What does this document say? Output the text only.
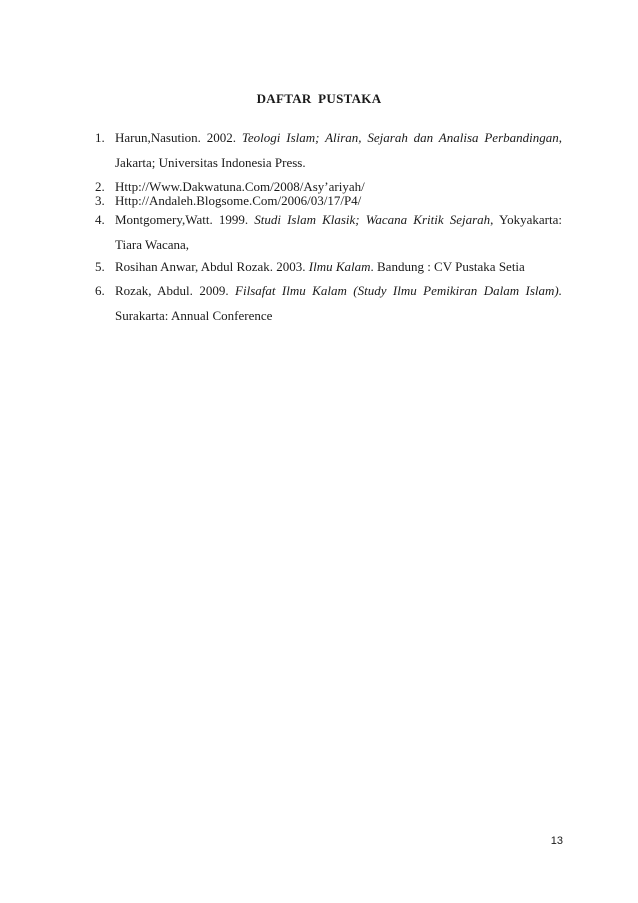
DAFTAR PUSTAKA
1. Harun,Nasution. 2002. Teologi Islam; Aliran, Sejarah dan Analisa Perbandingan,
Jakarta; Universitas Indonesia Press.
2. Http://Www.Dakwatuna.Com/2008/Asy’ariyah/
3. Http://Andaleh.Blogsome.Com/2006/03/17/P4/
4. Montgomery,Watt. 1999. Studi Islam Klasik; Wacana Kritik Sejarah, Yokyakarta:
Tiara Wacana,
5. Rosihan Anwar, Abdul Rozak. 2003. Ilmu Kalam. Bandung : CV Pustaka Setia
6. Rozak, Abdul. 2009. Filsafat Ilmu Kalam (Study Ilmu Pemikiran Dalam Islam).
Surakarta: Annual Conference
13
